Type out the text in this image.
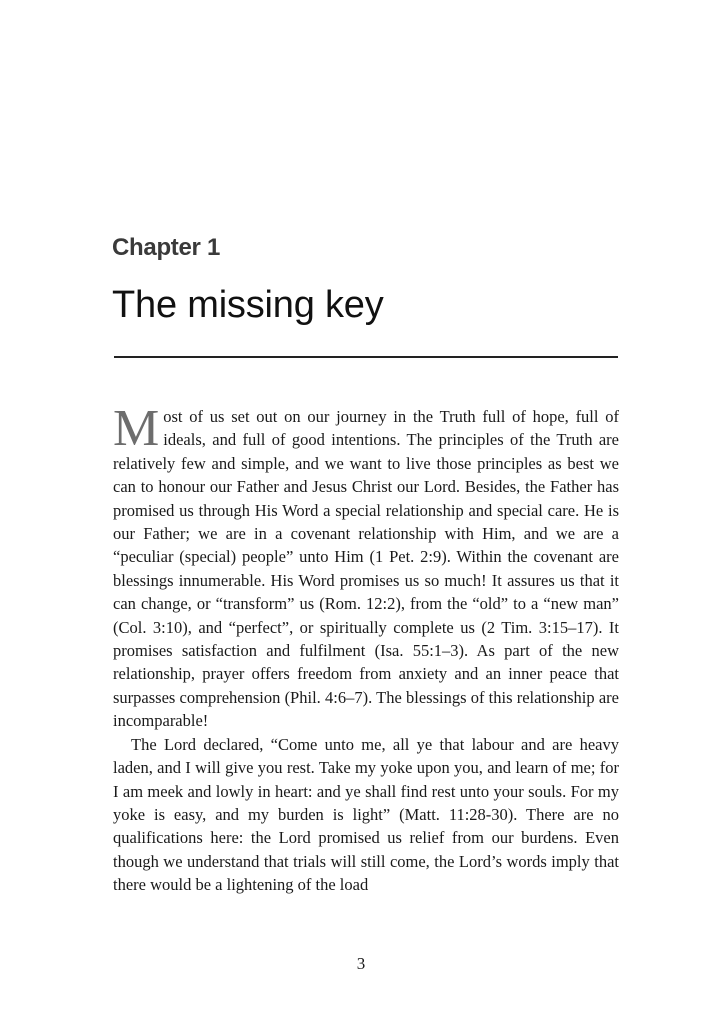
Chapter 1
The missing key

Most of us set out on our journey in the Truth full of hope, full of ideals, and full of good intentions. The principles of the Truth are relatively few and simple, and we want to live those principles as best we can to honour our Father and Jesus Christ our Lord. Besides, the Father has promised us through His Word a special relationship and special care. He is our Father; we are in a covenant relationship with Him, and we are a “peculiar (special) people” unto Him (1 Pet. 2:9). Within the covenant are blessings innumerable. His Word promises us so much! It assures us that it can change, or “transform” us (Rom. 12:2), from the “old” to a “new man” (Col. 3:10), and “perfect”, or spiritually complete us (2 Tim. 3:15–17). It promises satisfaction and fulfilment (Isa. 55:1–3). As part of the new relationship, prayer offers freedom from anxiety and an inner peace that surpasses comprehension (Phil. 4:6–7). The blessings of this relationship are incomparable!

The Lord declared, “Come unto me, all ye that labour and are heavy laden, and I will give you rest. Take my yoke upon you, and learn of me; for I am meek and lowly in heart: and ye shall find rest unto your souls. For my yoke is easy, and my burden is light” (Matt. 11:28-30). There are no qualifications here: the Lord promised us relief from our burdens. Even though we understand that trials will still come, the Lord’s words imply that there would be a lightening of the load

3
